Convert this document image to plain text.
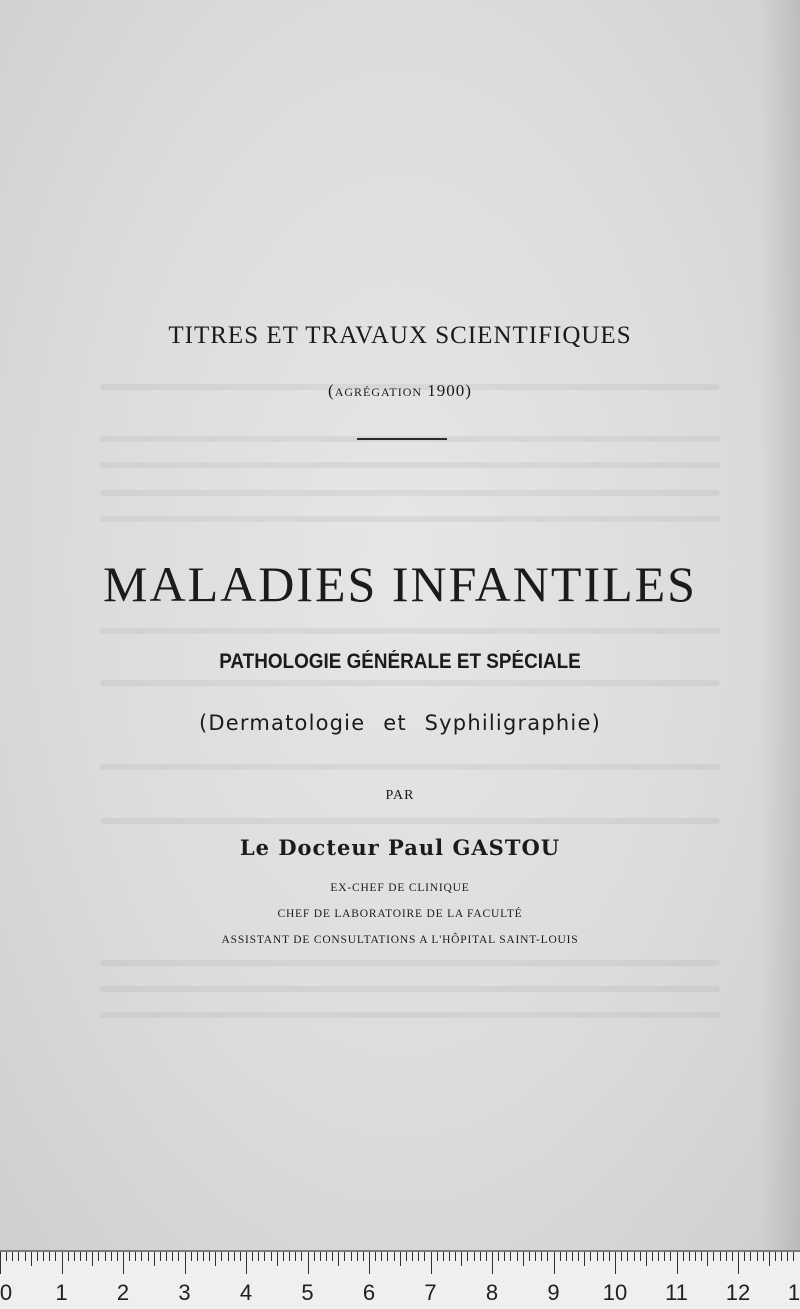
TITRES ET TRAVAUX SCIENTIFIQUES
(agrégation 1900)
MALADIES INFANTILES
PATHOLOGIE GÉNÉRALE ET SPÉCIALE
(Dermatologie et Syphiligraphie)
PAR
Le Docteur Paul GASTOU
EX-CHEF DE CLINIQUE
CHEF DE LABORATOIRE DE LA FACULTÉ
ASSISTANT DE CONSULTATIONS A L'HÔPITAL SAINT-LOUIS
0	1	2	3	4	5	6	7	8	9	10 11 12	1
